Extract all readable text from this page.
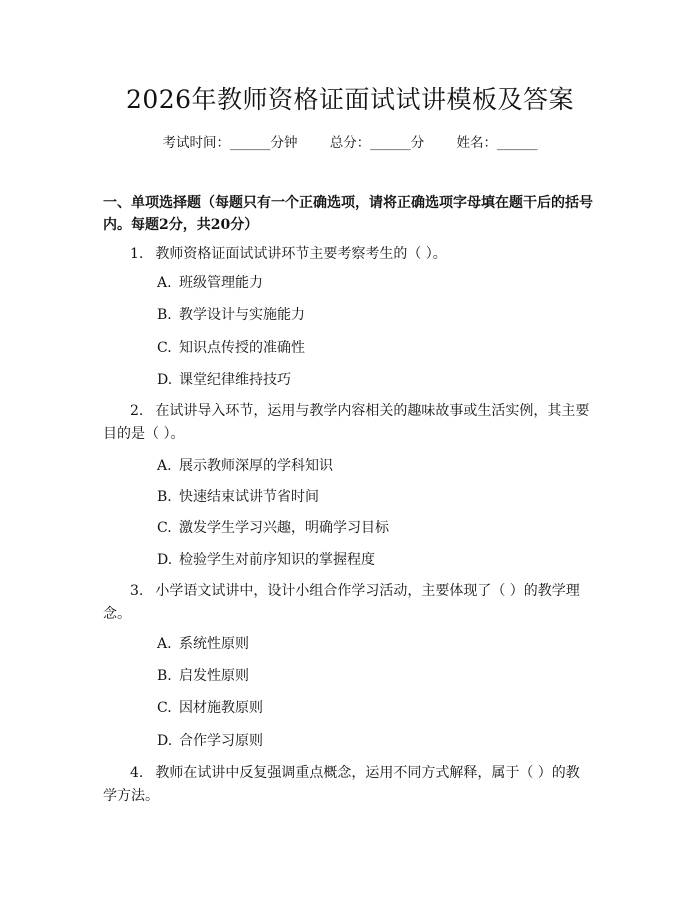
2026年教师资格证面试试讲模板及答案
考试时间：______分钟 总分：______分 姓名：______
一、单项选择题（每题只有一个正确选项，请将正确选项字母填在题干后的括号内。每题2分，共20分）
1. 教师资格证面试试讲环节主要考察考生的（ ）。
A. 班级管理能力
B. 教学设计与实施能力
C. 知识点传授的准确性
D. 课堂纪律维持技巧
2. 在试讲导入环节，运用与教学内容相关的趣味故事或生活实例，其主要目的是（ ）。
A. 展示教师深厚的学科知识
B. 快速结束试讲节省时间
C. 激发学生学习兴趣，明确学习目标
D. 检验学生对前序知识的掌握程度
3. 小学语文试讲中，设计小组合作学习活动，主要体现了（ ）的教学理念。
A. 系统性原则
B. 启发性原则
C. 因材施教原则
D. 合作学习原则
4. 教师在试讲中反复强调重点概念，运用不同方式解释，属于（ ）的教学方法。
